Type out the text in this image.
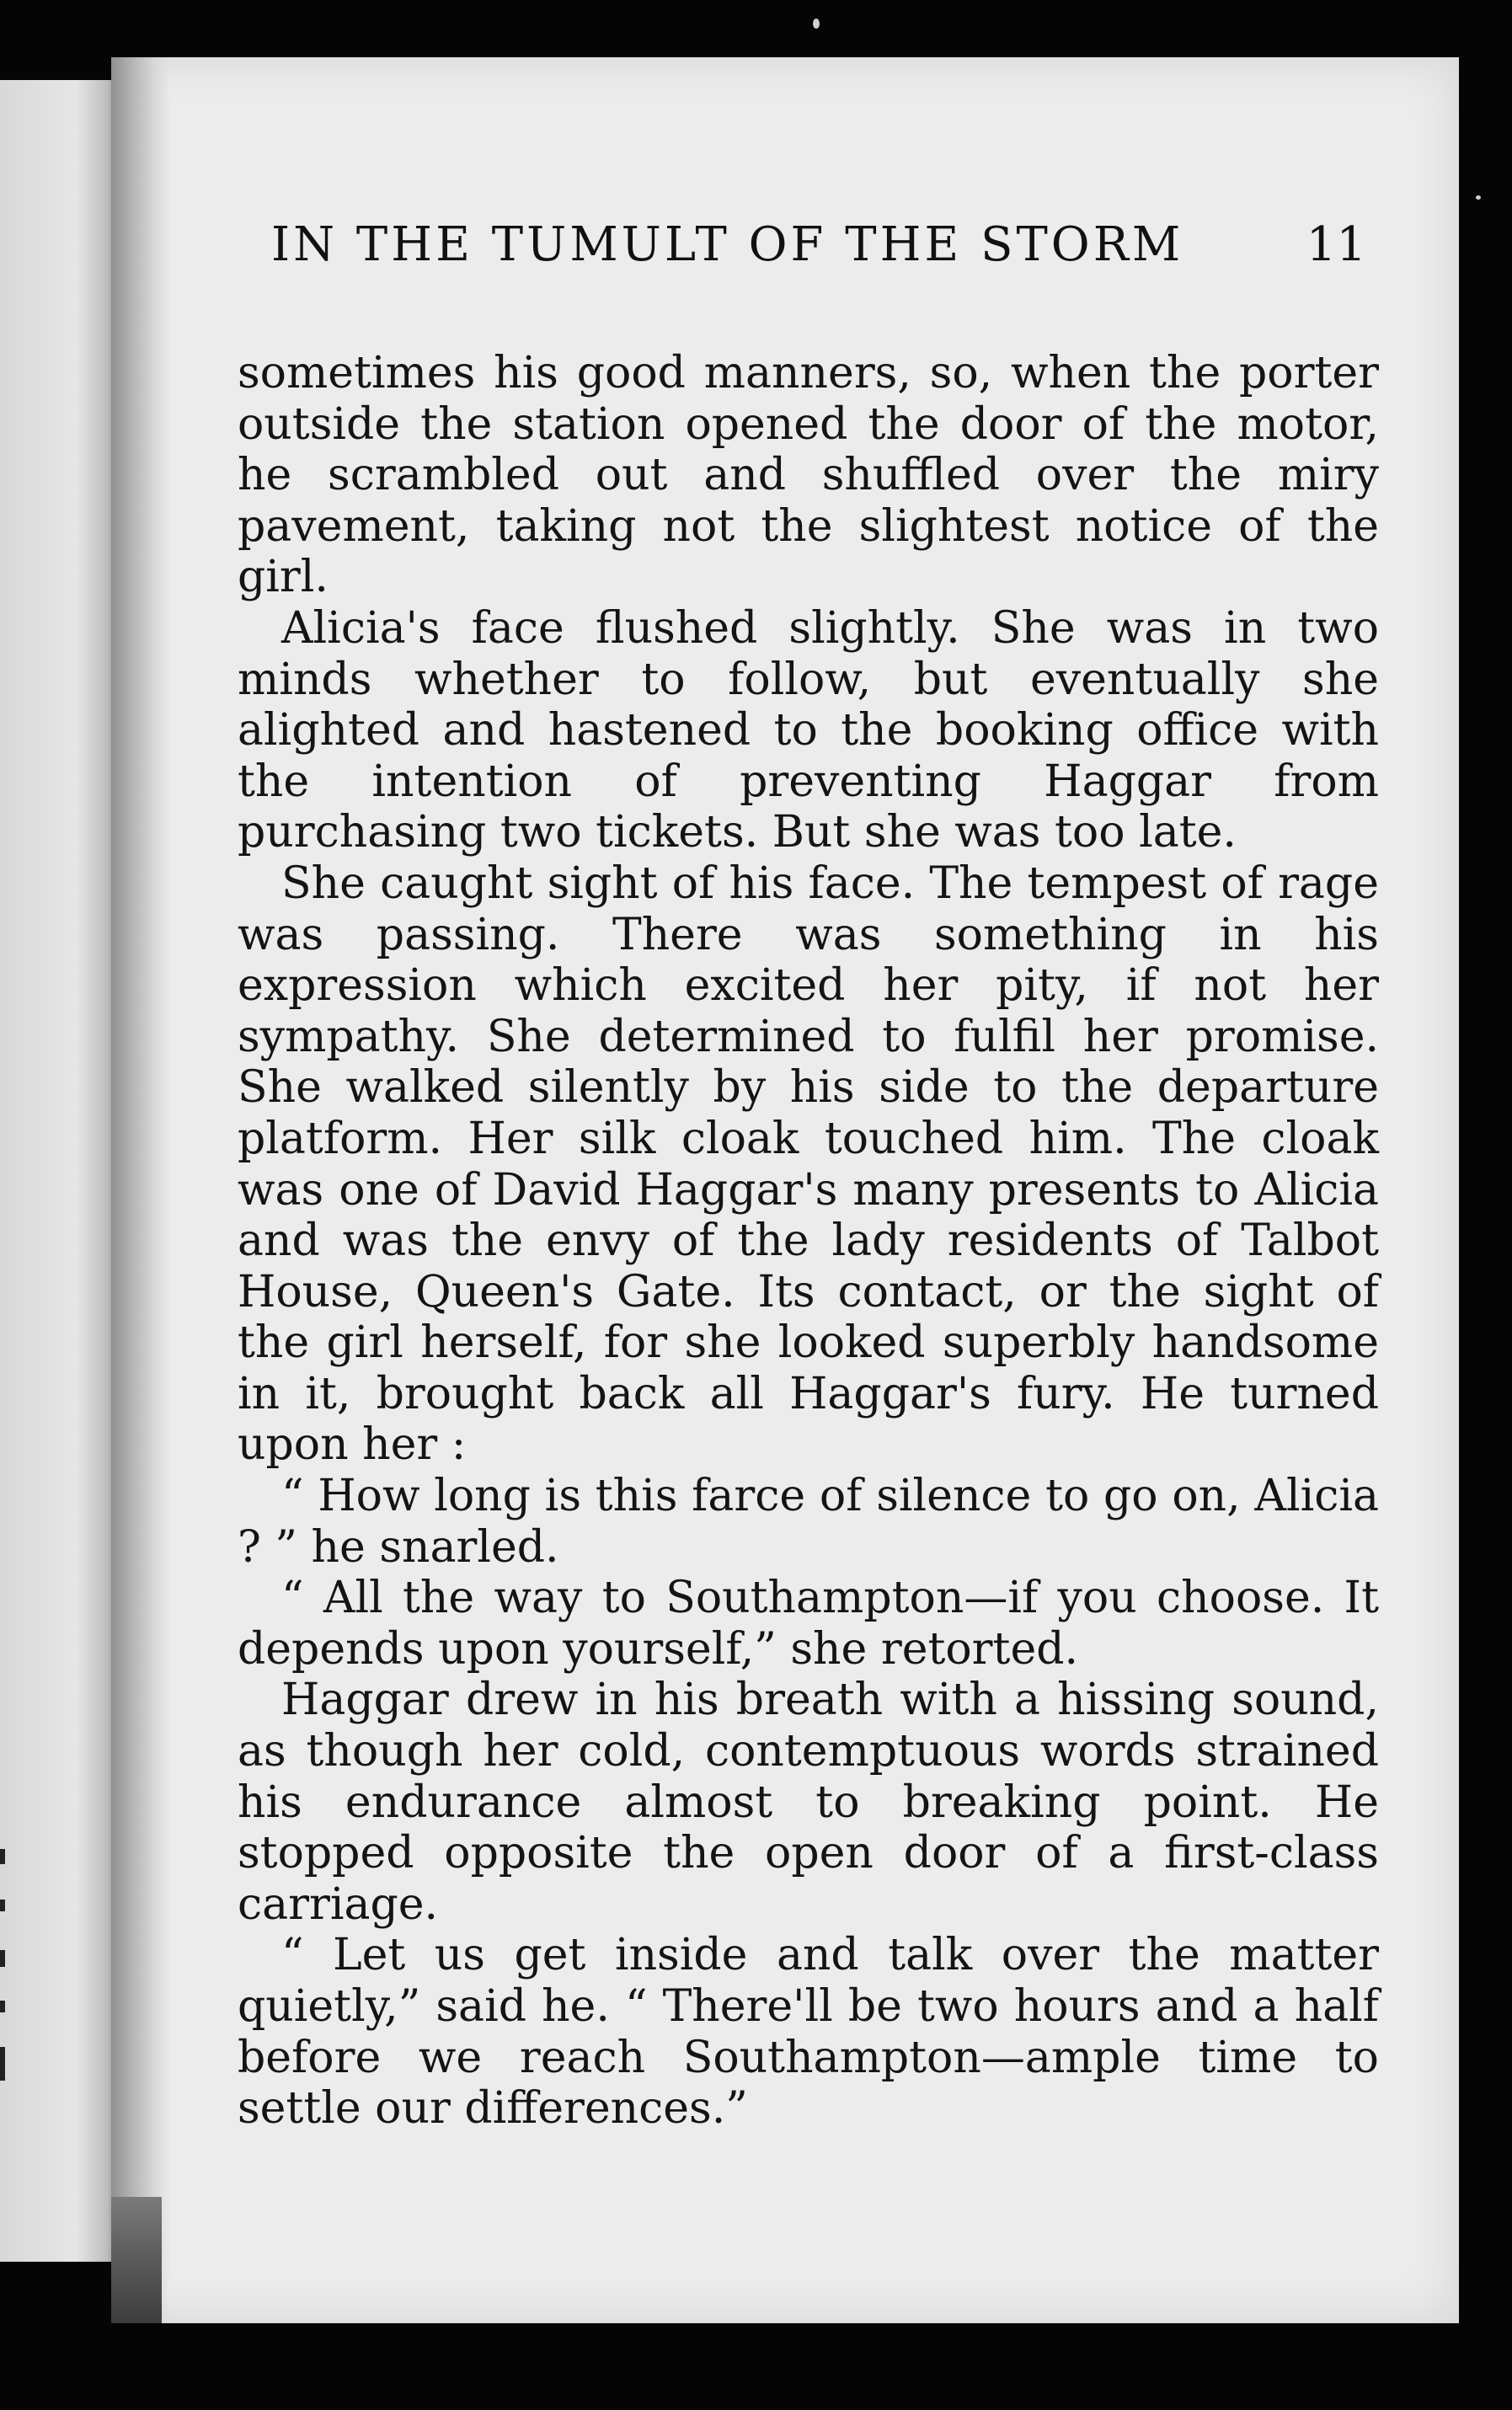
IN THE TUMULT OF THE STORM	11

sometimes his good manners, so, when the porter outside the station opened the door of the motor, he scrambled out and shuffled over the miry pavement, taking not the slightest notice of the girl.

Alicia's face flushed slightly. She was in two minds whether to follow, but eventually she alighted and hastened to the booking office with the intention of preventing Haggar from purchasing two tickets. But she was too late.

She caught sight of his face. The tempest of rage was passing. There was something in his expression which excited her pity, if not her sympathy. She determined to fulfil her promise. She walked silently by his side to the departure platform. Her silk cloak touched him. The cloak was one of David Haggar's many presents to Alicia and was the envy of the lady residents of Talbot House, Queen's Gate. Its contact, or the sight of the girl herself, for she looked superbly handsome in it, brought back all Haggar's fury. He turned upon her :

“ How long is this farce of silence to go on, Alicia ? ” he snarled.

“ All the way to Southampton—if you choose. It depends upon yourself,” she retorted.

Haggar drew in his breath with a hissing sound, as though her cold, contemptuous words strained his endurance almost to breaking point. He stopped opposite the open door of a first-class carriage.

“ Let us get inside and talk over the matter quietly,” said he. “ There'll be two hours and a half before we reach Southampton—ample time to settle our differences.”
